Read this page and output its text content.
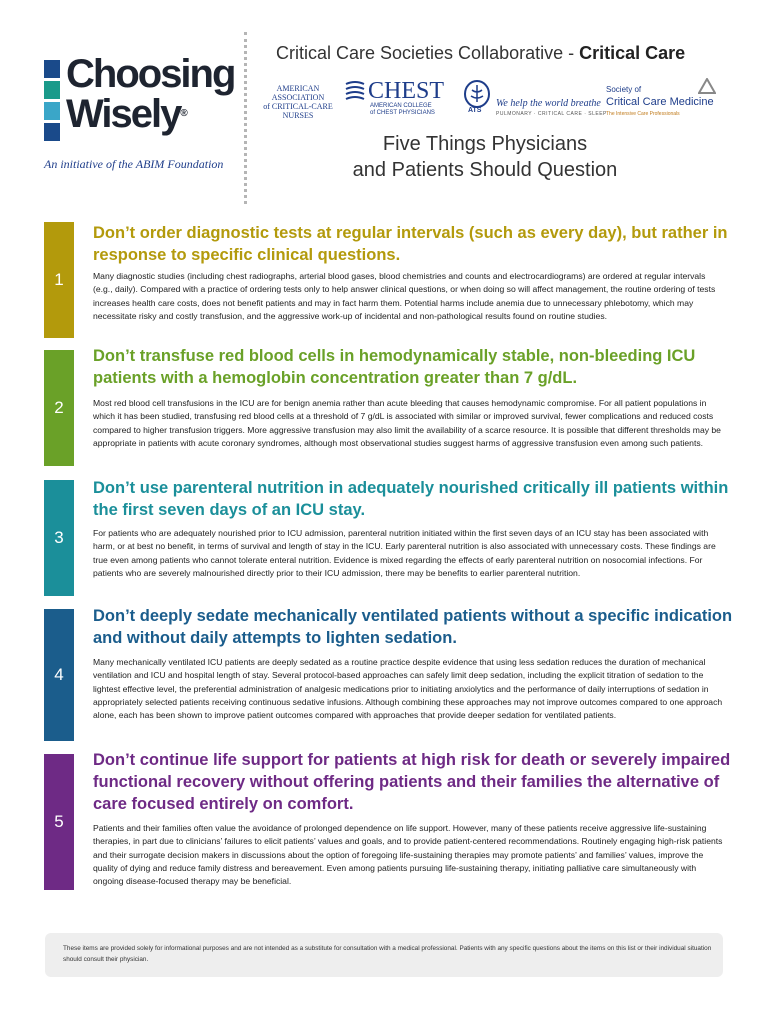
Choosing
Wisely®
An initiative of the ABIM Foundation
Critical Care Societies Collaborative - Critical Care
AMERICAN
ASSOCIATION
of CRITICAL-CARE
NURSES
CHEST
AMERICAN COLLEGE
of CHEST PHYSICIANS	ATS
We help the world breathe
PULMONARY · CRITICAL CARE · SLEEP
Society of
Critical Care Medicine
The Intensive Care Professionals
Five Things Physicians
and Patients Should Question
1
Don’t order diagnostic tests at regular intervals (such as every day), but rather in response to specific clinical questions.
Many diagnostic studies (including chest radiographs, arterial blood gases, blood chemistries and counts and electrocardiograms) are ordered at regular intervals (e.g., daily). Compared with a practice of ordering tests only to help answer clinical questions, or when doing so will affect management, the routine ordering of tests increases health care costs, does not benefit patients and may in fact harm them. Potential harms include anemia due to unnecessary phlebotomy, which may necessitate risky and costly transfusion, and the aggressive work-up of incidental and non-pathological results found on routine studies.
2
Don’t transfuse red blood cells in hemodynamically stable, non-bleeding ICU patients with a hemoglobin concentration greater than 7 g/dL.
Most red blood cell transfusions in the ICU are for benign anemia rather than acute bleeding that causes hemodynamic compromise. For all patient populations in which it has been studied, transfusing red blood cells at a threshold of 7 g/dL is associated with similar or improved survival, fewer complications and reduced costs compared to higher transfusion triggers. More aggressive transfusion may also limit the availability of a scarce resource. It is possible that different thresholds may be appropriate in patients with acute coronary syndromes, although most observational studies suggest harms of aggressive transfusion even among such patients.
3
Don’t use parenteral nutrition in adequately nourished critically ill patients within the first seven days of an ICU stay.
For patients who are adequately nourished prior to ICU admission, parenteral nutrition initiated within the first seven days of an ICU stay has been associated with harm, or at best no benefit, in terms of survival and length of stay in the ICU. Early parenteral nutrition is also associated with unnecessary costs. These findings are true even among patients who cannot tolerate enteral nutrition. Evidence is mixed regarding the effects of early parenteral nutrition on nosocomial infections. For patients who are severely malnourished directly prior to their ICU admission, there may be benefits to earlier parenteral nutrition.
4
Don’t deeply sedate mechanically ventilated patients without a specific indication and without daily attempts to lighten sedation.
Many mechanically ventilated ICU patients are deeply sedated as a routine practice despite evidence that using less sedation reduces the duration of mechanical ventilation and ICU and hospital length of stay. Several protocol-based approaches can safely limit deep sedation, including the explicit titration of sedation to the lightest effective level, the preferential administration of analgesic medications prior to initiating anxiolytics and the performance of daily interruptions of sedation in appropriately selected patients receiving continuous sedative infusions. Although combining these approaches may not improve outcomes compared to one approach alone, each has been shown to improve patient outcomes compared with approaches that provide deeper sedation for ventilated patients.
5
Don’t continue life support for patients at high risk for death or severely impaired functional recovery without offering patients and their families the alternative of care focused entirely on comfort.
Patients and their families often value the avoidance of prolonged dependence on life support. However, many of these patients receive aggressive life-sustaining therapies, in part due to clinicians’ failures to elicit patients’ values and goals, and to provide patient-centered recommendations. Routinely engaging high-risk patients and their surrogate decision makers in discussions about the option of foregoing life-sustaining therapies may promote patients’ and families’ values, improve the quality of dying and reduce family distress and bereavement. Even among patients pursuing life-sustaining therapy, initiating palliative care simultaneously with ongoing disease-focused therapy may be beneficial.
These items are provided solely for informational purposes and are not intended as a substitute for consultation with a medical professional. Patients with any specific questions about the items on this list or their individual situation should consult their physician.
